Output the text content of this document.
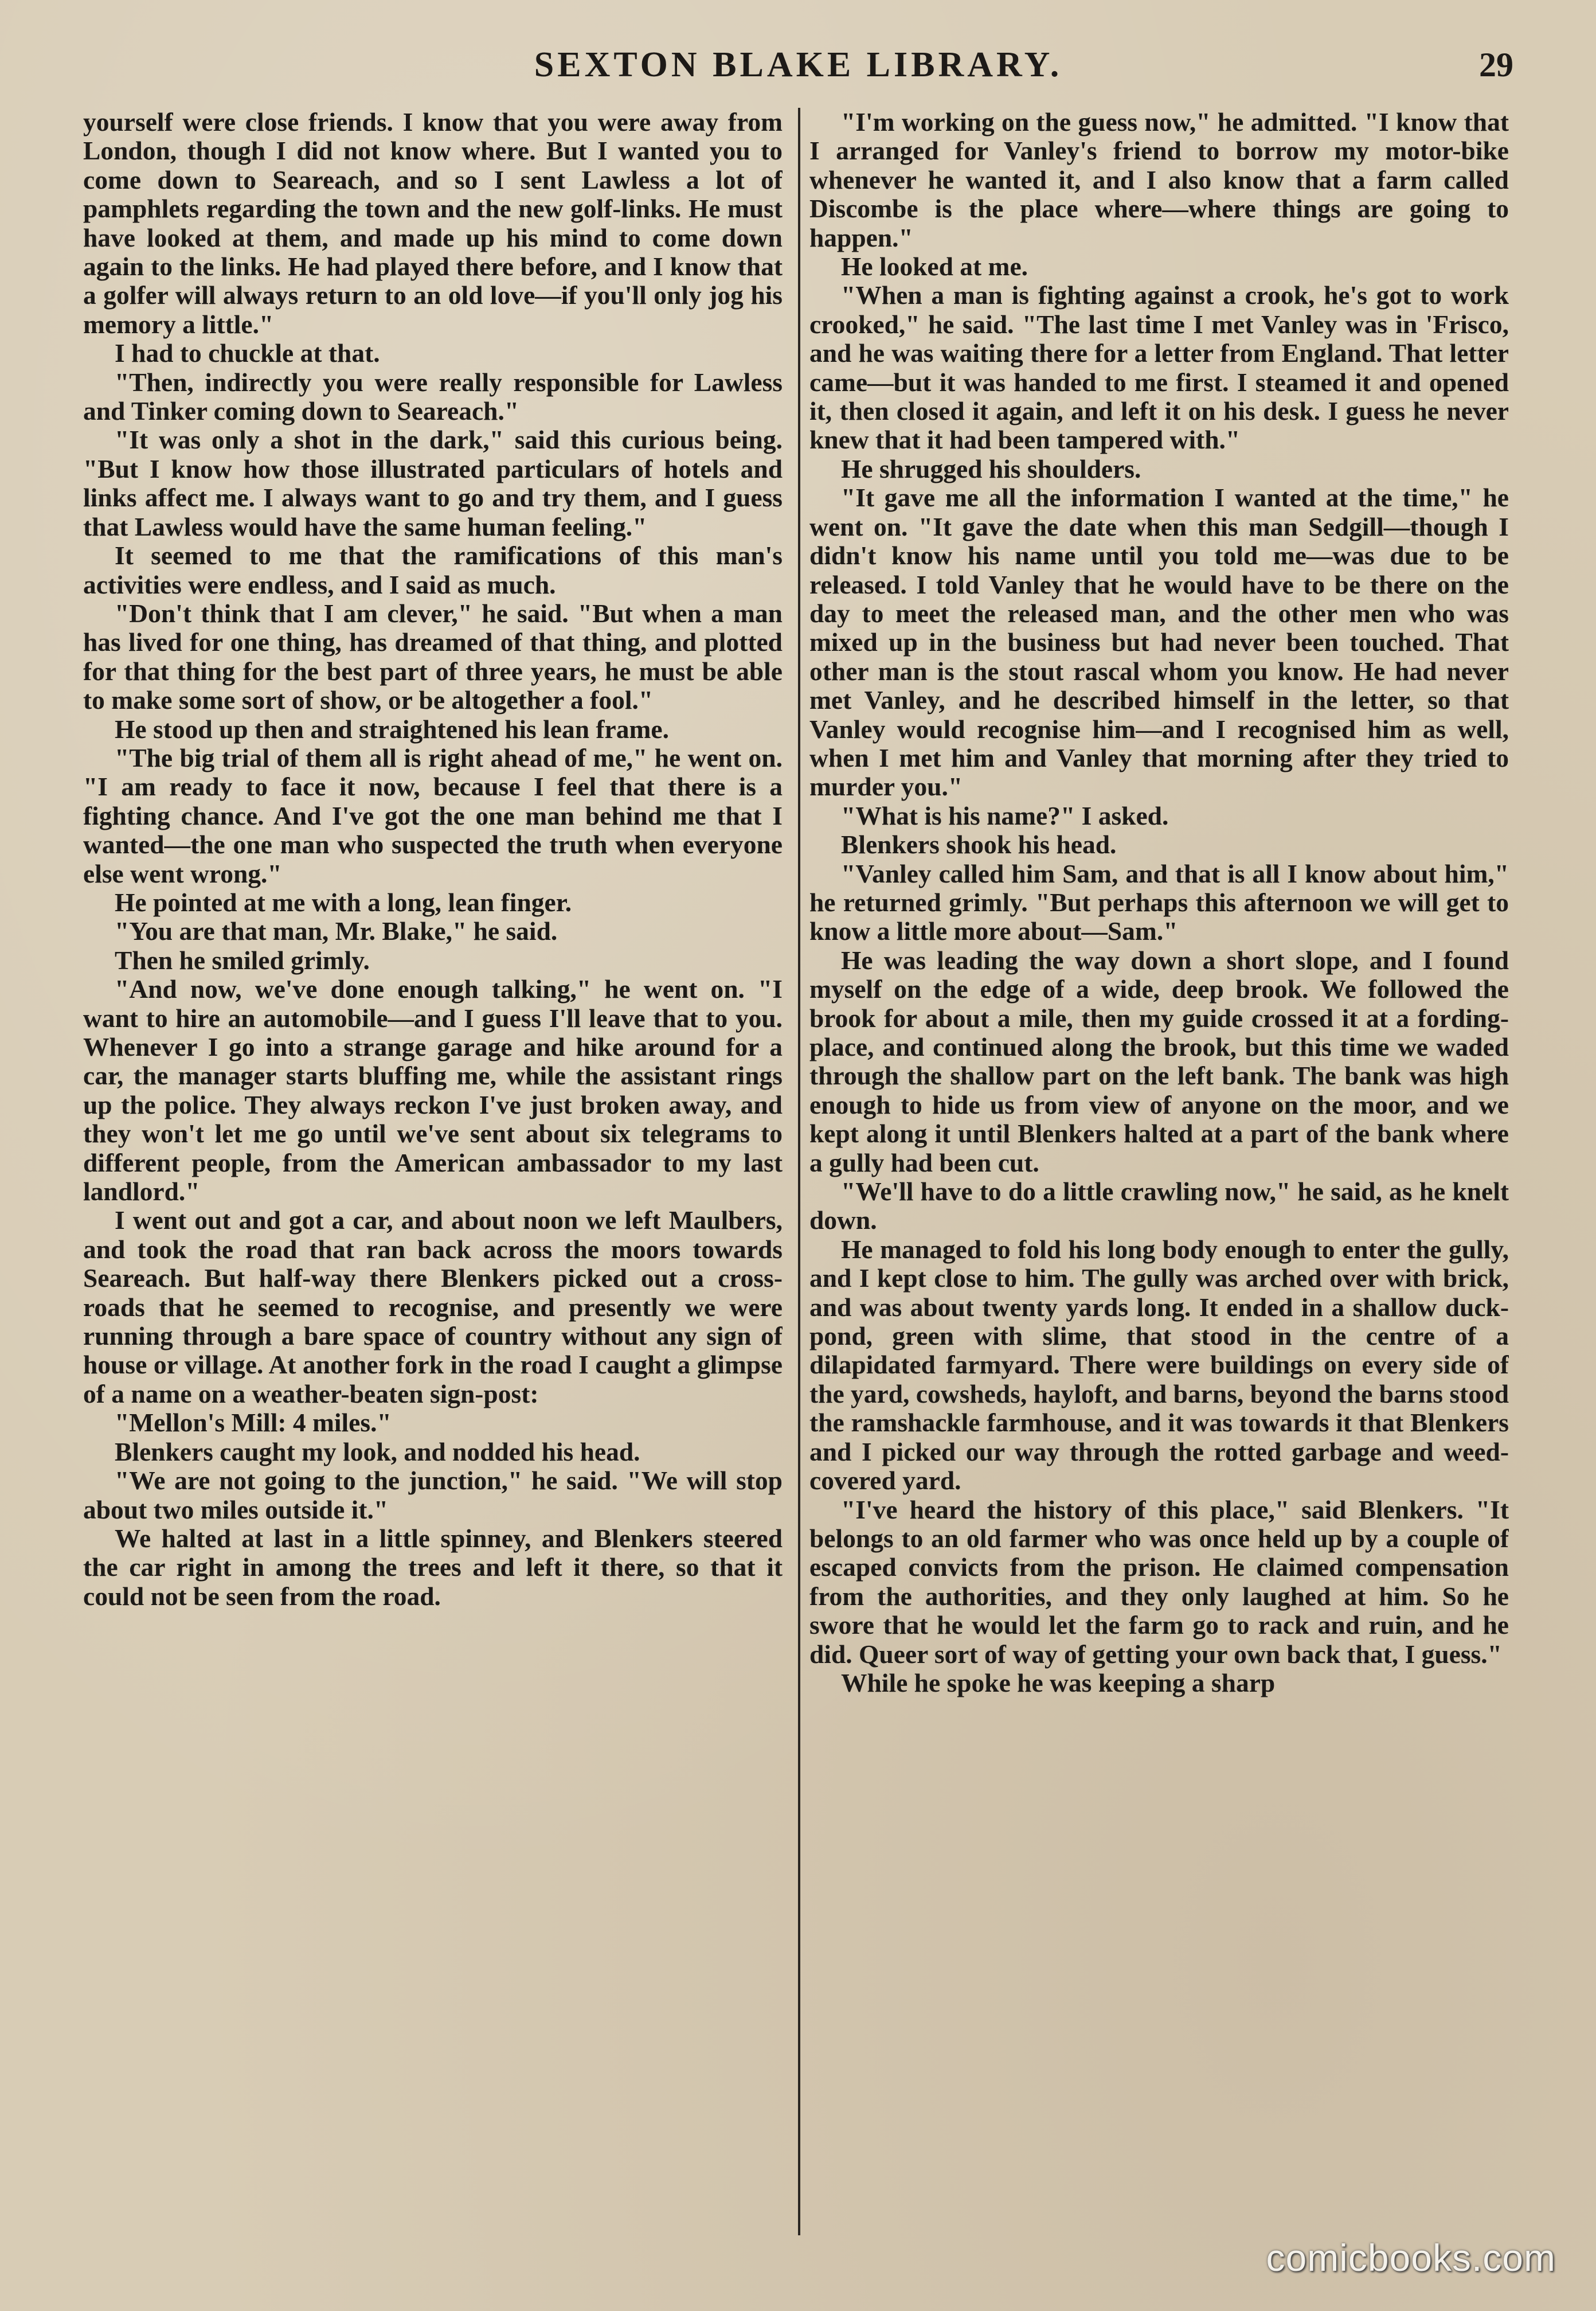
SEXTON BLAKE LIBRARY.	29

yourself were close friends. I know that you were away from London, though I did not know where. But I wanted you to come down to Seareach, and so I sent Lawless a lot of pamphlets regarding the town and the new golf-links. He must have looked at them, and made up his mind to come down again to the links. He had played there before, and I know that a golfer will always return to an old love—if you'll only jog his memory a little."

I had to chuckle at that.

"Then, indirectly you were really responsible for Lawless and Tinker coming down to Seareach."

"It was only a shot in the dark," said this curious being. "But I know how those illustrated particulars of hotels and links affect me. I always want to go and try them, and I guess that Lawless would have the same human feeling."

It seemed to me that the ramifications of this man's activities were endless, and I said as much.

"Don't think that I am clever," he said. "But when a man has lived for one thing, has dreamed of that thing, and plotted for that thing for the best part of three years, he must be able to make some sort of show, or be altogether a fool."

He stood up then and straightened his lean frame.

"The big trial of them all is right ahead of me," he went on. "I am ready to face it now, because I feel that there is a fighting chance. And I've got the one man behind me that I wanted—the one man who suspected the truth when everyone else went wrong."

He pointed at me with a long, lean finger.

"You are that man, Mr. Blake," he said.

Then he smiled grimly.

"And now, we've done enough talking," he went on. "I want to hire an automobile—and I guess I'll leave that to you. Whenever I go into a strange garage and hike around for a car, the manager starts bluffing me, while the assistant rings up the police. They always reckon I've just broken away, and they won't let me go until we've sent about six telegrams to different people, from the American ambassador to my last landlord."

I went out and got a car, and about noon we left Maulbers, and took the road that ran back across the moors towards Seareach. But half-way there Blenkers picked out a cross-roads that he seemed to recognise, and presently we were running through a bare space of country without any sign of house or village. At another fork in the road I caught a glimpse of a name on a weather-beaten sign-post:

"Mellon's Mill: 4 miles."

Blenkers caught my look, and nodded his head.

"We are not going to the junction," he said. "We will stop about two miles outside it."

We halted at last in a little spinney, and Blenkers steered the car right in among the trees and left it there, so that it could not be seen from the road.

"I'm working on the guess now," he admitted. "I know that I arranged for Vanley's friend to borrow my motor-bike whenever he wanted it, and I also know that a farm called Discombe is the place where—where things are going to happen."

He looked at me.

"When a man is fighting against a crook, he's got to work crooked," he said. "The last time I met Vanley was in 'Frisco, and he was waiting there for a letter from England. That letter came—but it was handed to me first. I steamed it and opened it, then closed it again, and left it on his desk. I guess he never knew that it had been tampered with."

He shrugged his shoulders.

"It gave me all the information I wanted at the time," he went on. "It gave the date when this man Sedgill—though I didn't know his name until you told me—was due to be released. I told Vanley that he would have to be there on the day to meet the released man, and the other men who was mixed up in the business but had never been touched. That other man is the stout rascal whom you know. He had never met Vanley, and he described himself in the letter, so that Vanley would recognise him—and I recognised him as well, when I met him and Vanley that morning after they tried to murder you."

"What is his name?" I asked.

Blenkers shook his head.

"Vanley called him Sam, and that is all I know about him," he returned grimly. "But perhaps this afternoon we will get to know a little more about—Sam."

He was leading the way down a short slope, and I found myself on the edge of a wide, deep brook. We followed the brook for about a mile, then my guide crossed it at a fording-place, and continued along the brook, but this time we waded through the shallow part on the left bank. The bank was high enough to hide us from view of anyone on the moor, and we kept along it until Blenkers halted at a part of the bank where a gully had been cut.

"We'll have to do a little crawling now," he said, as he knelt down.

He managed to fold his long body enough to enter the gully, and I kept close to him. The gully was arched over with brick, and was about twenty yards long. It ended in a shallow duck-pond, green with slime, that stood in the centre of a dilapidated farmyard. There were buildings on every side of the yard, cowsheds, hayloft, and barns, beyond the barns stood the ramshackle farmhouse, and it was towards it that Blenkers and I picked our way through the rotted garbage and weed-covered yard.

"I've heard the history of this place," said Blenkers. "It belongs to an old farmer who was once held up by a couple of escaped convicts from the prison. He claimed compensation from the authorities, and they only laughed at him. So he swore that he would let the farm go to rack and ruin, and he did. Queer sort of way of getting your own back that, I guess."

While he spoke he was keeping a sharp

comicbooks.com
